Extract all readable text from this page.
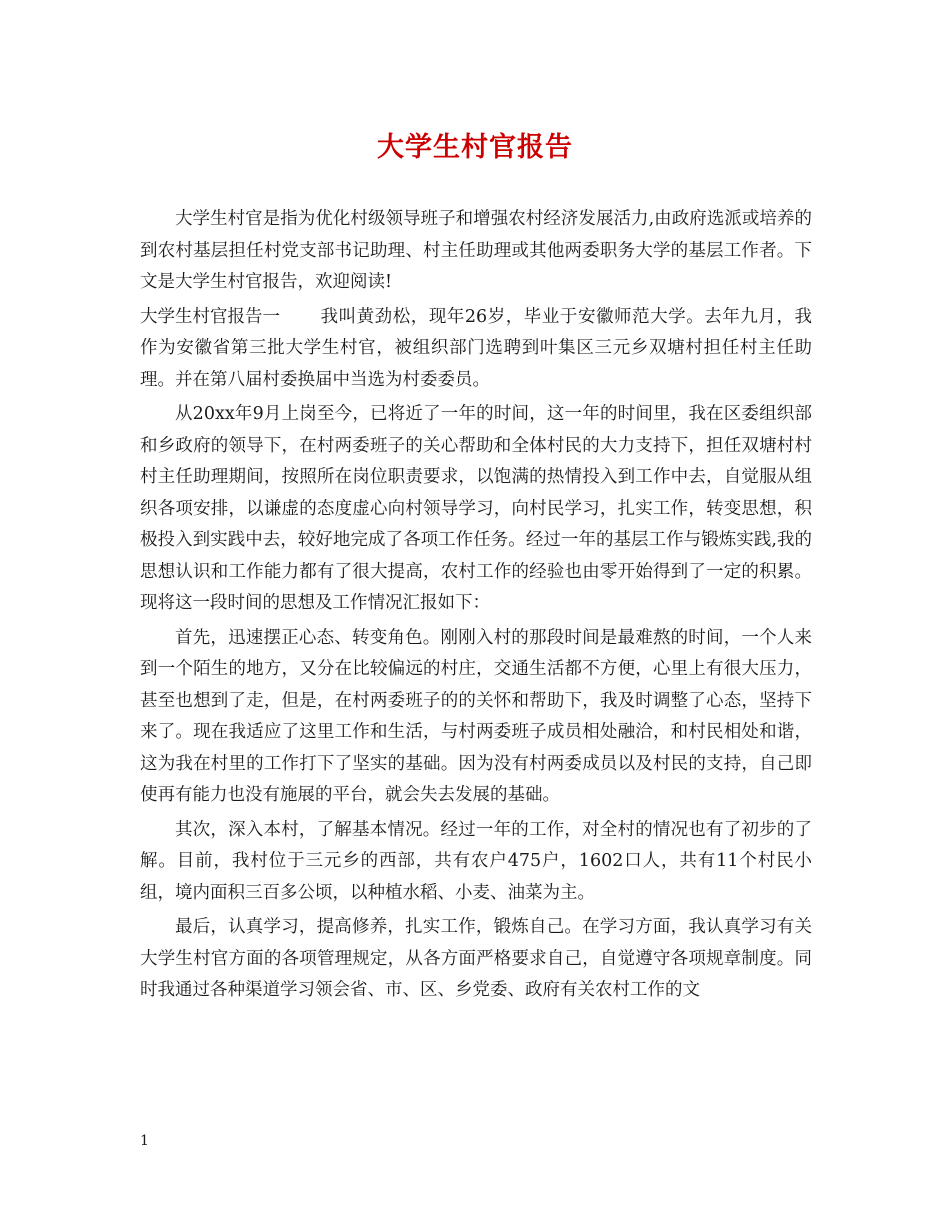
大学生村官报告

大学生村官是指为优化村级领导班子和增强农村经济发展活力,由政府选派或培养的到农村基层担任村党支部书记助理、村主任助理或其他两委职务大学的基层工作者。下文是大学生村官报告，欢迎阅读!

大学生村官报告一 我叫黄劲松，现年26岁，毕业于安徽师范大学。去年九月，我作为安徽省第三批大学生村官，被组织部门选聘到叶集区三元乡双塘村担任村主任助理。并在第八届村委换届中当选为村委委员。

从20xx年9月上岗至今，已将近了一年的时间，这一年的时间里，我在区委组织部和乡政府的领导下，在村两委班子的关心帮助和全体村民的大力支持下，担任双塘村村村主任助理期间，按照所在岗位职责要求，以饱满的热情投入到工作中去，自觉服从组织各项安排，以谦虚的态度虚心向村领导学习，向村民学习，扎实工作，转变思想，积极投入到实践中去，较好地完成了各项工作任务。经过一年的基层工作与锻炼实践,我的思想认识和工作能力都有了很大提高，农村工作的经验也由零开始得到了一定的积累。现将这一段时间的思想及工作情况汇报如下：

首先，迅速摆正心态、转变角色。刚刚入村的那段时间是最难熬的时间，一个人来到一个陌生的地方，又分在比较偏远的村庄，交通生活都不方便，心里上有很大压力，甚至也想到了走，但是，在村两委班子的的关怀和帮助下，我及时调整了心态，坚持下来了。现在我适应了这里工作和生活，与村两委班子成员相处融洽，和村民相处和谐，这为我在村里的工作打下了坚实的基础。因为没有村两委成员以及村民的支持，自己即使再有能力也没有施展的平台，就会失去发展的基础。

其次，深入本村，了解基本情况。经过一年的工作，对全村的情况也有了初步的了解。目前，我村位于三元乡的西部，共有农户475户，1602口人，共有11个村民小组，境内面积三百多公顷，以种植水稻、小麦、油菜为主。

最后，认真学习，提高修养，扎实工作，锻炼自己。在学习方面，我认真学习有关大学生村官方面的各项管理规定，从各方面严格要求自己，自觉遵守各项规章制度。同时我通过各种渠道学习领会省、市、区、乡党委、政府有关农村工作的文

1
